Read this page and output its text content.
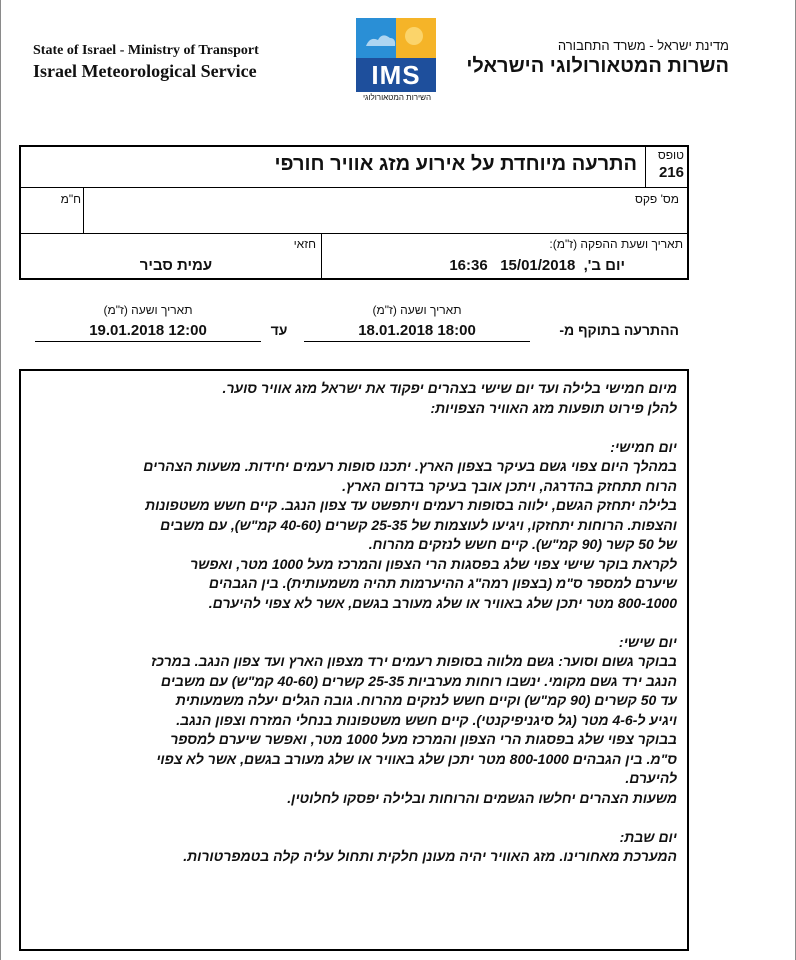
State of Israel - Ministry of Transport
Israel Meteorological Service	IMS
השירות המטאורולוגי
מדינת ישראל - משרד התחבורה
השרות המטאורולוגי הישראלי
התרעה מיוחדת על אירוע מזג אוויר חורפי טופס
216
מס' פקס
ח"מ
תאריך ושעת ההפקה (ז"מ):
יום ב',  15/01/2018   16:36
חזאי
עמית סביר
ההתרעה בתוקף מ-
תאריך ושעה (ז"מ)
18.01.2018 18:00
עד
תאריך ושעה (ז"מ)
19.01.2018 12:00

מיום חמישי בלילה ועד יום שישי בצהרים יפקוד את ישראל מזג אוויר סוער.
להלן פירוט תופעות מזג האוויר הצפויות:

יום חמישי:

במהלך היום צפוי גשם בעיקר בצפון הארץ. יתכנו סופות רעמים יחידות. משעות הצהרים
הרוח תתחזק בהדרגה, ויתכן אובך בעיקר בדרום הארץ.
בלילה יתחזק הגשם, ילווה בסופות רעמים ויתפשט עד צפון הנגב. קיים חשש משטפונות
והצפות. הרוחות יתחזקו, ויגיעו לעוצמות של 25-35 קשרים (40-60 קמ"ש), עם משבים
של 50 קשר (90 קמ"ש). קיים חשש לנזקים מהרוח.
לקראת בוקר שישי צפוי שלג בפסגות הרי הצפון והמרכז מעל 1000 מטר, ואפשר
שיערם למספר ס"מ (בצפון רמה"ג ההיערמות תהיה משמעותית). בין הגבהים
800-1000 מטר יתכן שלג באוויר או שלג מעורב בגשם, אשר לא צפוי להיערם.

יום שישי:

בבוקר גשום וסוער: גשם מלווה בסופות רעמים ירד מצפון הארץ ועד צפון הנגב. במרכז
הנגב ירד גשם מקומי. ינשבו רוחות מערביות 25-35 קשרים (40-60 קמ"ש) עם משבים
עד 50 קשרים (90 קמ"ש) וקיים חשש לנזקים מהרוח. גובה הגלים יעלה משמעותית
ויגיע ל-4-6 מטר (גל סיגניפיקנטי). קיים חשש משטפונות בנחלי המזרח וצפון הנגב.
בבוקר צפוי שלג בפסגות הרי הצפון והמרכז מעל 1000 מטר, ואפשר שיערם למספר
ס"מ. בין הגבהים 800-1000 מטר יתכן שלג באוויר או שלג מעורב בגשם, אשר לא צפוי
להיערם.
משעות הצהרים יחלשו הגשמים והרוחות ובלילה יפסקו לחלוטין.

יום שבת:

המערכת מאחורינו. מזג האוויר יהיה מעונן חלקית ותחול עליה קלה בטמפרטורות.
